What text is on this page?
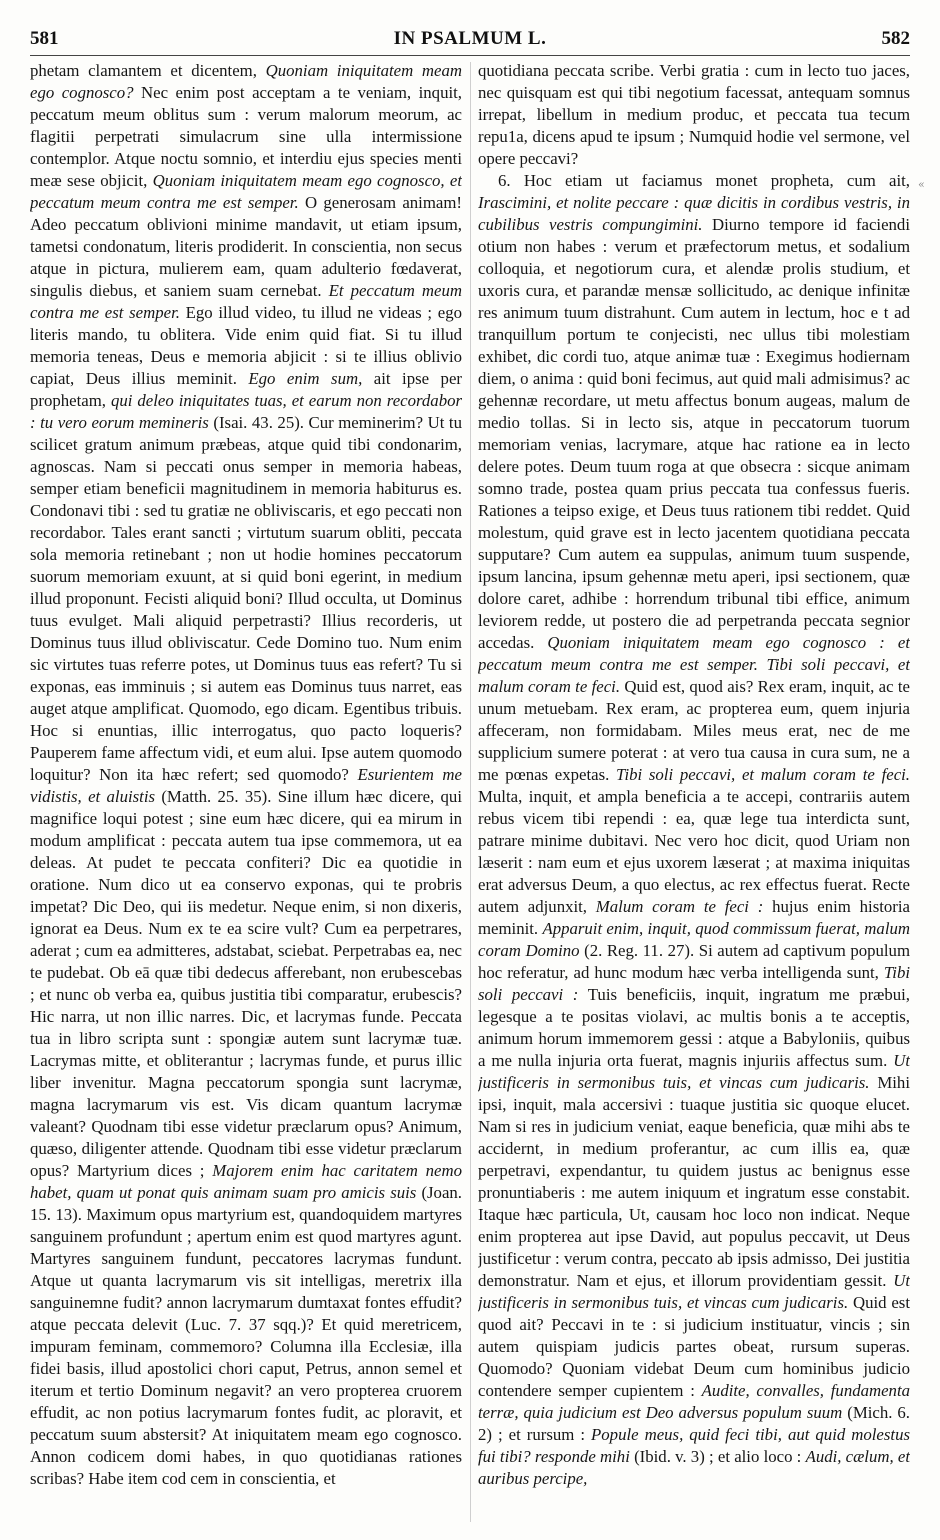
581	IN PSALMUM L.	582
«

phetam clamantem et dicentem, Quoniam iniquitatem meam ego cognosco? Nec enim post acceptam a te veniam, inquit, peccatum meum oblitus sum : verum malorum meorum, ac flagitii perpetrati simulacrum sine ulla intermissione contemplor. Atque noctu somnio, et interdiu ejus species menti meæ sese objicit, Quoniam iniquitatem meam ego cognosco, et peccatum meum contra me est semper. O generosam animam! Adeo peccatum oblivioni minime mandavit, ut etiam ipsum, tametsi condonatum, literis prodiderit. In conscientia, non secus atque in pictura, mulierem eam, quam adulterio fœdaverat, singulis diebus, et saniem suam cernebat. Et peccatum meum contra me est semper. Ego illud video, tu illud ne videas ; ego literis mando, tu oblitera. Vide enim quid fiat. Si tu illud memoria teneas, Deus e memoria abjicit : si te illius oblivio capiat, Deus illius meminit. Ego enim sum, ait ipse per prophetam, qui deleo iniquitates tuas, et earum non recordabor : tu vero eorum memineris (Isai. 43. 25). Cur meminerim? Ut tu scilicet gratum animum præbeas, atque quid tibi condonarim, agnoscas. Nam si peccati onus semper in memoria habeas, semper etiam beneficii magnitudinem in memoria habiturus es. Condonavi tibi : sed tu gratiæ ne obliviscaris, et ego peccati non recordabor. Tales erant sancti ; virtutum suarum obliti, peccata sola memoria retinebant ; non ut hodie homines peccatorum suorum memoriam exuunt, at si quid boni egerint, in medium illud proponunt. Fecisti aliquid boni? Illud occulta, ut Dominus tuus evulget. Mali aliquid perpetrasti? Illius recorderis, ut Dominus tuus illud obliviscatur. Cede Domino tuo. Num enim sic virtutes tuas referre potes, ut Dominus tuus eas refert? Tu si exponas, eas imminuis ; si autem eas Dominus tuus narret, eas auget atque amplificat. Quomodo, ego dicam. Egentibus tribuis. Hoc si enuntias, illic interrogatus, quo pacto loqueris? Pauperem fame affectum vidi, et eum alui. Ipse autem quomodo loquitur? Non ita hæc refert; sed quomodo? Esurientem me vidistis, et aluistis (Matth. 25. 35). Sine illum hæc dicere, qui magnifice loqui potest ; sine eum hæc dicere, qui ea mirum in modum amplificat : peccata autem tua ipse commemora, ut ea deleas. At pudet te peccata confiteri? Dic ea quotidie in oratione. Num dico ut ea conservo exponas, qui te probris impetat? Dic Deo, qui iis medetur. Neque enim, si non dixeris, ignorat ea Deus. Num ex te ea scire vult? Cum ea perpetrares, aderat ; cum ea admitteres, adstabat, sciebat. Perpetrabas ea, nec te pudebat. Ob eā quæ tibi dedecus afferebant, non erubescebas ; et nunc ob verba ea, quibus justitia tibi comparatur, erubescis? Hic narra, ut non illic narres. Dic, et lacrymas funde. Peccata tua in libro scripta sunt : spongiæ autem sunt lacrymæ tuæ. Lacrymas mitte, et obliterantur ; lacrymas funde, et purus illic liber invenitur. Magna peccatorum spongia sunt lacrymæ, magna lacrymarum vis est. Vis dicam quantum lacrymæ valeant? Quodnam tibi esse videtur præclarum opus? Animum, quæso, diligenter attende. Quodnam tibi esse videtur præclarum opus? Martyrium dices ; Majorem enim hac caritatem nemo habet, quam ut ponat quis animam suam pro amicis suis (Joan. 15. 13). Maximum opus martyrium est, quandoquidem martyres sanguinem profundunt ; apertum enim est quod martyres agunt. Martyres sanguinem fundunt, peccatores lacrymas fundunt. Atque ut quanta lacrymarum vis sit intelligas, meretrix illa sanguinemne fudit? annon lacrymarum dumtaxat fontes effudit? atque peccata delevit (Luc. 7. 37 sqq.)? Et quid meretricem, impuram feminam, commemoro? Columna illa Ecclesiæ, illa fidei basis, illud apostolici chori caput, Petrus, annon semel et iterum et tertio Dominum negavit? an vero propterea cruorem effudit, ac non potius lacrymarum fontes fudit, ac ploravit, et peccatum suum abstersit? At iniquitatem meam ego cognosco. Annon codicem domi habes, in quo quotidianas rationes scribas? Habe item cod cem in conscientia, et

quotidiana peccata scribe. Verbi gratia : cum in lecto tuo jaces, nec quisquam est qui tibi negotium facessat, antequam somnus irrepat, libellum in medium produc, et peccata tua tecum repu1a, dicens apud te ipsum ; Numquid hodie vel sermone, vel opere peccavi?

6. Hoc etiam ut faciamus monet propheta, cum ait, Irascimini, et nolite peccare : quæ dicitis in cordibus vestris, in cubilibus vestris compungimini. Diurno tempore id faciendi otium non habes : verum et præfectorum metus, et sodalium colloquia, et negotiorum cura, et alendæ prolis studium, et uxoris cura, et parandæ mensæ sollicitudo, ac denique infinitæ res animum tuum distrahunt. Cum autem in lectum, hoc e t ad tranquillum portum te conjecisti, nec ullus tibi molestiam exhibet, dic cordi tuo, atque animæ tuæ : Exegimus hodiernam diem, o anima : quid boni fecimus, aut quid mali admisimus? ac gehennæ recordare, ut metu affectus bonum augeas, malum de medio tollas. Si in lecto sis, atque in peccatorum tuorum memoriam venias, lacrymare, atque hac ratione ea in lecto delere potes. Deum tuum roga at que obsecra : sicque animam somno trade, postea quam prius peccata tua confessus fueris. Rationes a teipso exige, et Deus tuus rationem tibi reddet. Quid molestum, quid grave est in lecto jacentem quotidiana peccata supputare? Cum autem ea suppulas, animum tuum suspende, ipsum lancina, ipsum gehennæ metu aperi, ipsi sectionem, quæ dolore caret, adhibe : horrendum tribunal tibi effice, animum leviorem redde, ut postero die ad perpetranda peccata segnior accedas. Quoniam iniquitatem meam ego cognosco : et peccatum meum contra me est semper. Tibi soli peccavi, et malum coram te feci. Quid est, quod ais? Rex eram, inquit, ac te unum metuebam. Rex eram, ac propterea eum, quem injuria affeceram, non formidabam. Miles meus erat, nec de me supplicium sumere poterat : at vero tua causa in cura sum, ne a me pœnas expetas. Tibi soli peccavi, et malum coram te feci. Multa, inquit, et ampla beneficia a te accepi, contrariis autem rebus vicem tibi rependi : ea, quæ lege tua interdicta sunt, patrare minime dubitavi. Nec vero hoc dicit, quod Uriam non læserit : nam eum et ejus uxorem læserat ; at maxima iniquitas erat adversus Deum, a quo electus, ac rex effectus fuerat. Recte autem adjunxit, Malum coram te feci : hujus enim historia meminit. Apparuit enim, inquit, quod commissum fuerat, malum coram Domino (2. Reg. 11. 27). Si autem ad captivum populum hoc referatur, ad hunc modum hæc verba intelligenda sunt, Tibi soli peccavi : Tuis beneficiis, inquit, ingratum me præbui, legesque a te positas violavi, ac multis bonis a te acceptis, animum horum immemorem gessi : atque a Babyloniis, quibus a me nulla injuria orta fuerat, magnis injuriis affectus sum. Ut justificeris in sermonibus tuis, et vincas cum judicaris. Mihi ipsi, inquit, mala accersivi : tuaque justitia sic quoque elucet. Nam si res in judicium veniat, eaque beneficia, quæ mihi abs te accidernt, in medium proferantur, ac cum illis ea, quæ perpetravi, expendantur, tu quidem justus ac benignus esse pronuntiaberis : me autem iniquum et ingratum esse constabit. Itaque hæc particula, Ut, causam hoc loco non indicat. Neque enim propterea aut ipse David, aut populus peccavit, ut Deus justificetur : verum contra, peccato ab ipsis admisso, Dei justitia demonstratur. Nam et ejus, et illorum providentiam gessit. Ut justificeris in sermonibus tuis, et vincas cum judicaris. Quid est quod ait? Peccavi in te : si judicium instituatur, vincis ; sin autem quispiam judicis partes obeat, rursum superas. Quomodo? Quoniam videbat Deum cum hominibus judicio contendere semper cupientem : Audite, convalles, fundamenta terræ, quia judicium est Deo adversus populum suum (Mich. 6. 2) ; et rursum : Popule meus, quid feci tibi, aut quid molestus fui tibi? responde mihi (Ibid. v. 3) ; et alio loco : Audi, cælum, et auribus percipe,
